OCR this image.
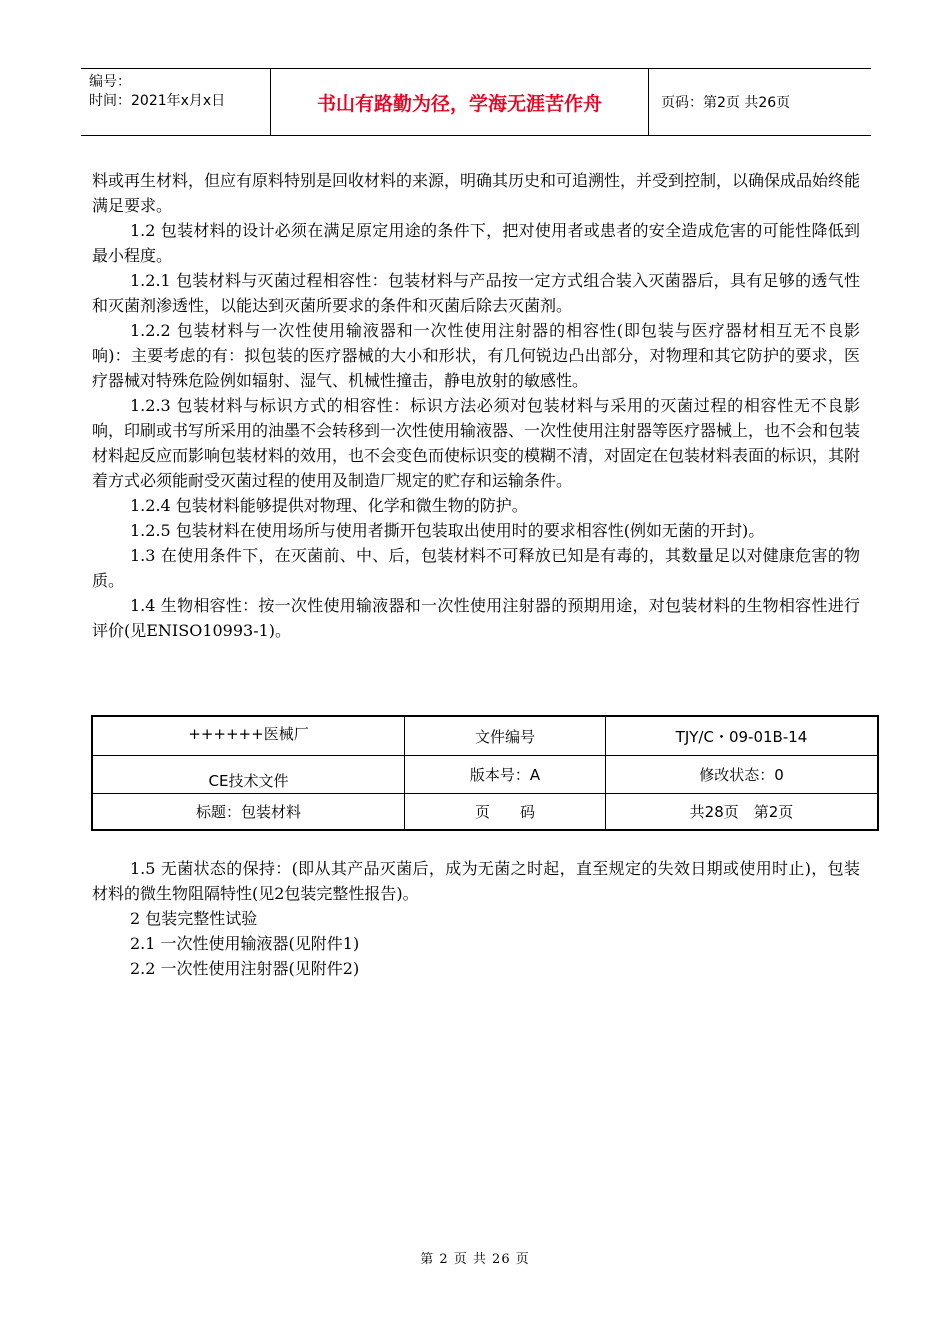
编号：
时间：2021年x月x日	书山有路勤为径，学海无涯苦作舟	页码：第2页 共26页

料或再生材料，但应有原料特别是回收材料的来源，明确其历史和可追溯性，并受到控制，以确保成品始终能满足要求。

1.2 包装材料的设计必须在满足原定用途的条件下，把对使用者或患者的安全造成危害的可能性降低到最小程度。

1.2.1 包装材料与灭菌过程相容性：包装材料与产品按一定方式组合装入灭菌器后，具有足够的透气性和灭菌剂渗透性，以能达到灭菌所要求的条件和灭菌后除去灭菌剂。

1.2.2 包装材料与一次性使用输液器和一次性使用注射器的相容性(即包装与医疗器材相互无不良影响)：主要考虑的有：拟包装的医疗器械的大小和形状，有几何锐边凸出部分，对物理和其它防护的要求，医疗器械对特殊危险例如辐射、湿气、机械性撞击，静电放射的敏感性。

1.2.3 包装材料与标识方式的相容性：标识方法必须对包装材料与采用的灭菌过程的相容性无不良影响，印刷或书写所采用的油墨不会转移到一次性使用输液器、一次性使用注射器等医疗器械上，也不会和包装材料起反应而影响包装材料的效用，也不会变色而使标识变的模糊不清，对固定在包装材料表面的标识，其附着方式必须能耐受灭菌过程的使用及制造厂规定的贮存和运输条件。

1.2.4 包装材料能够提供对物理、化学和微生物的防护。

1.2.5 包装材料在使用场所与使用者撕开包装取出使用时的要求相容性(例如无菌的开封)。

1.3 在使用条件下，在灭菌前、中、后，包装材料不可释放已知是有毒的，其数量足以对健康危害的物质。

1.4 生物相容性：按一次性使用输液器和一次性使用注射器的预期用途，对包装材料的生物相容性进行评价(见ENISO10993-1)。

++++++医械厂	文件编号	TJY/C・09-01B-14
CE技术文件	版本号：A	修改状态：0
标题：包装材料	页　　码	共28页　第2页

1.5 无菌状态的保持：(即从其产品灭菌后，成为无菌之时起，直至规定的失效日期或使用时止)，包装材料的微生物阻隔特性(见2包装完整性报告)。

2 包装完整性试验

2.1 一次性使用输液器(见附件1)

2.2 一次性使用注射器(见附件2)

第 2 页 共 26 页
